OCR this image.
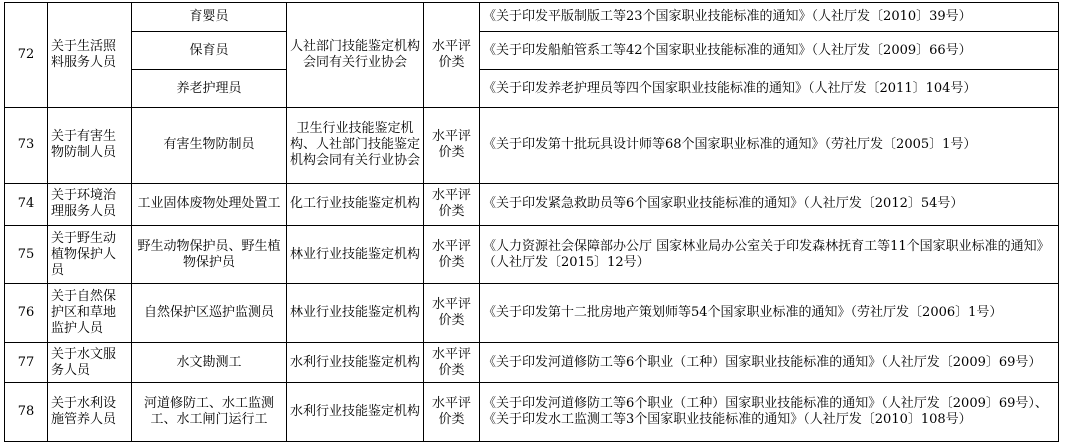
72	关于生活照料服务人员	育婴员	人社部门技能鉴定机构会同有关行业协会	水平评价类	《关于印发平版制版工等23个国家职业技能标准的通知》（人社厅发〔2010〕39号）
		保育员			《关于印发船舶管系工等42个国家职业技能标准的通知》（人社厅发〔2009〕66号）
		养老护理员			《关于印发养老护理员等四个国家职业技能标准的通知》（人社厅发〔2011〕104号）
73	关于有害生物防制人员	有害生物防制员	卫生行业技能鉴定机构、人社部门技能鉴定机构会同有关行业协会	水平评价类	《关于印发第十批玩具设计师等68个国家职业标准的通知》（劳社厅发〔2005〕1号）
74	关于环境治理服务人员	工业固体废物处理处置工	化工行业技能鉴定机构	水平评价类	《关于印发紧急救助员等6个国家职业技能标准的通知》（人社厅发〔2012〕54号）
75	关于野生动植物保护人员	野生动物保护员、野生植物保护员	林业行业技能鉴定机构	水平评价类	《人力资源社会保障部办公厅 国家林业局办公室关于印发森林抚育工等11个国家职业标准的通知》（人社厅发〔2015〕12号）
76	关于自然保护区和草地监护人员	自然保护区巡护监测员	林业行业技能鉴定机构	水平评价类	《关于印发第十二批房地产策划师等54个国家职业标准的通知》（劳社厅发〔2006〕1号）
77	关于水文服务人员	水文勘测工	水利行业技能鉴定机构	水平评价类	《关于印发河道修防工等6个职业（工种）国家职业技能标准的通知》（人社厅发〔2009〕69号）
78	关于水利设施管养人员	河道修防工、水工监测工、水工闸门运行工	水利行业技能鉴定机构	水平评价类	《关于印发河道修防工等6个职业（工种）国家职业技能标准的通知》（人社厅发〔2009〕69号）、《关于印发水工监测工等3个国家职业技能标准的通知》（人社厅发〔2010〕108号）
